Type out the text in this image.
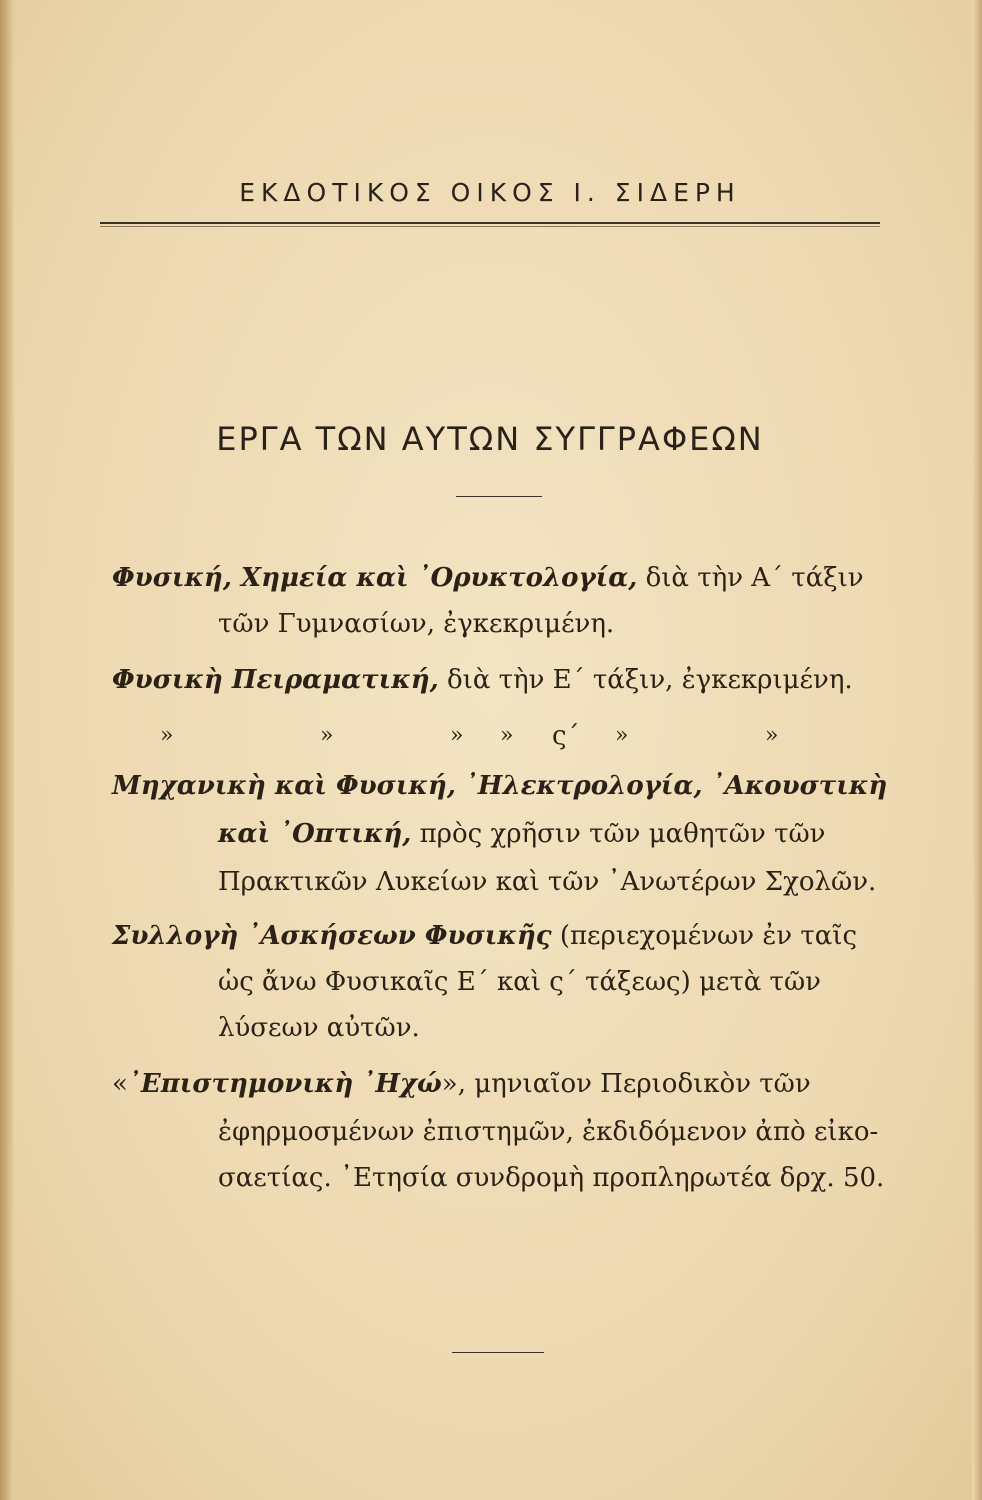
ΕΚΔΟΤΙΚΟΣ ΟΙΚΟΣ Ι. ΣΙΔΕΡΗ
ΕΡΓΑ ΤΩΝ ΑΥΤΩΝ ΣΥΓΓΡΑΦΕΩΝ
Φυσική, Χημεία καὶ ᾿Ορυκτολογία, διὰ τὴν Α΄ τάξιν
τῶν Γυμνασίων, ἐγκεκριμένη.
Φυσικὴ Πειραματική, διὰ τὴν Ε΄ τάξιν, ἐγκεκριμένη.
»	»	» » ς΄ »	»
Μηχανικὴ καὶ Φυσική, ᾿Ηλεκτρολογία, ᾿Ακουστικὴ
καὶ ᾿Οπτική, πρὸς χρῆσιν τῶν μαθητῶν τῶν
Πρακτικῶν Λυκείων καὶ τῶν ᾿Ανωτέρων Σχολῶν.
Συλλογὴ ᾿Ασκήσεων Φυσικῆς (περιεχομένων ἐν ταῖς
ὡς ἄνω Φυσικαῖς Ε΄ καὶ ς΄ τάξεως) μετὰ τῶν
λύσεων αὐτῶν.
«᾿Επιστημονικὴ ᾿Ηχώ», μηνιαῖον Περιοδικὸν τῶν
ἐφηρμοσμένων ἐπιστημῶν, ἐκδιδόμενον ἀπὸ εἰκο-
σαετίας. ᾿Ετησία συνδρομὴ προπληρωτέα δρχ. 50.
